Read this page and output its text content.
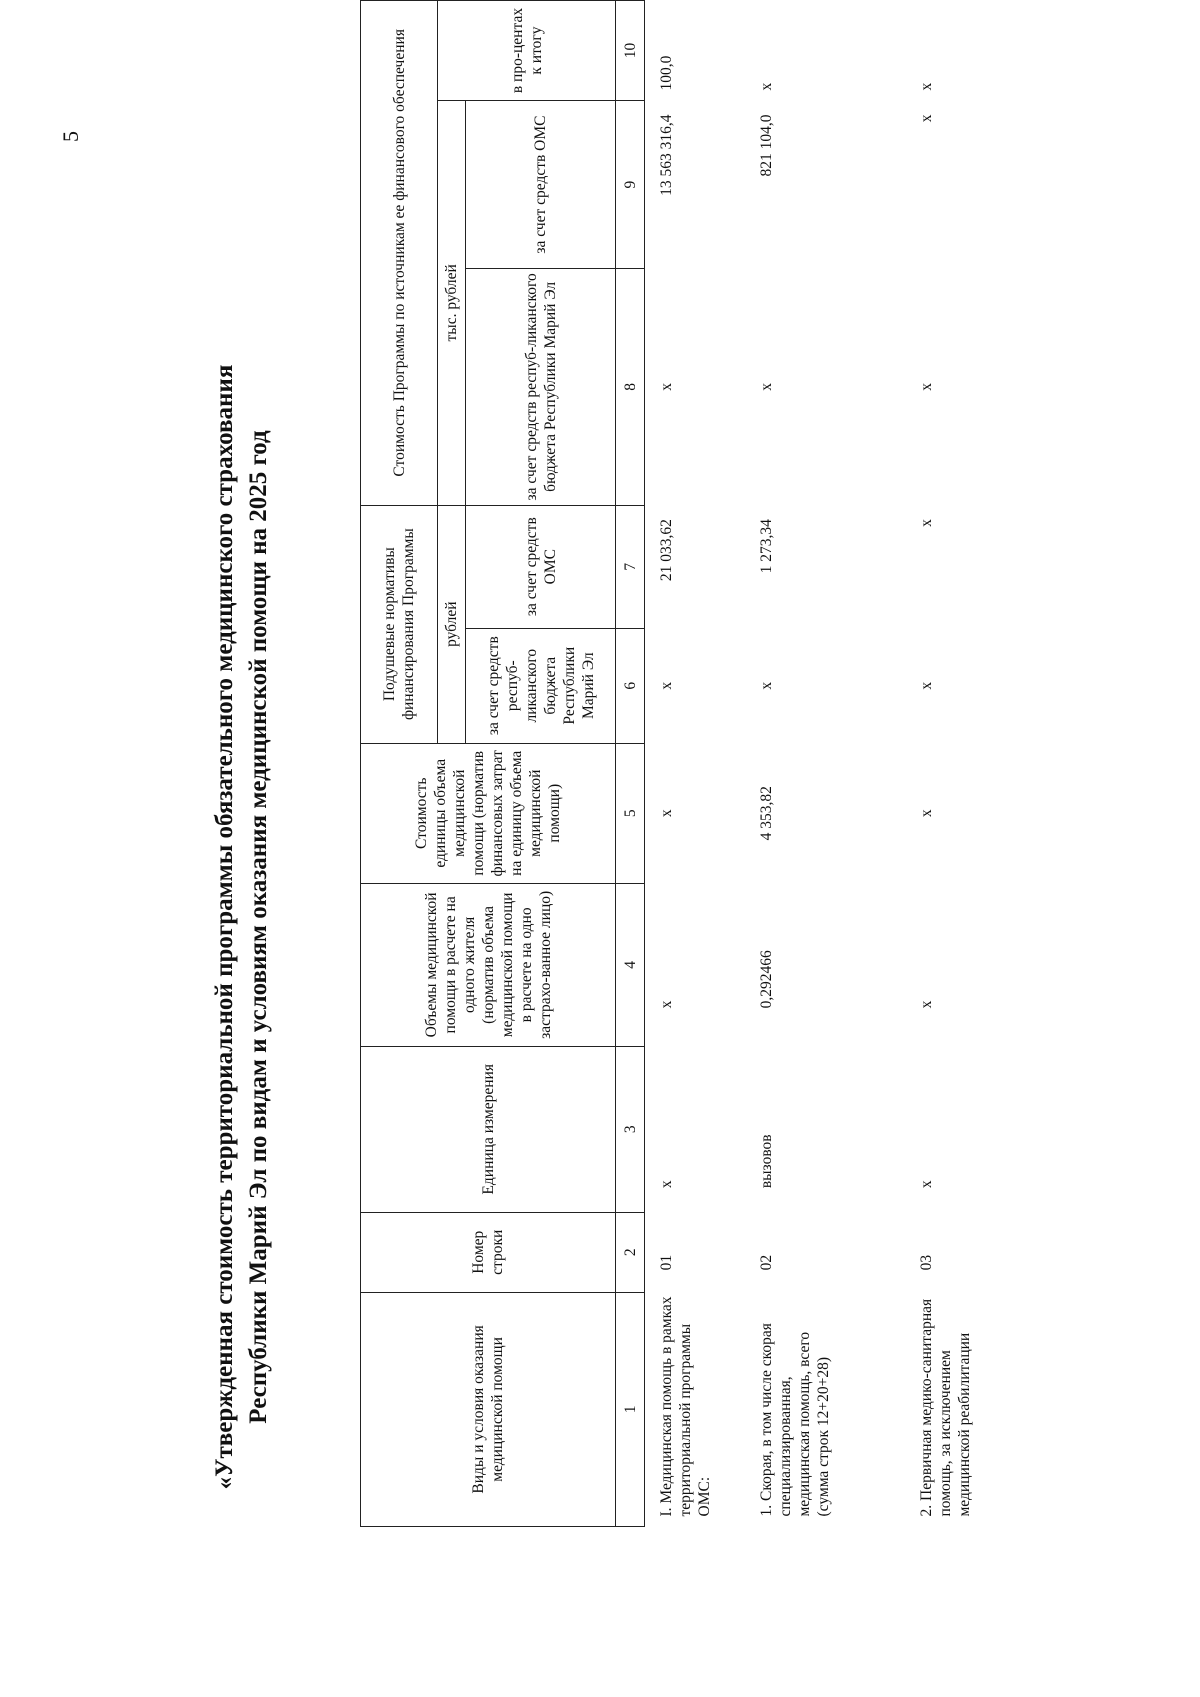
5
«Утвержденная стоимость территориальной программы обязательного медицинского страхования Республики Марий Эл по видам и условиям оказания медицинской помощи на 2025 год	Виды и условия оказания медицинской помощи	Номер строки	Единица измерения	Объемы медицинской помощи в расчете на одного жителя (норматив объема медицинской помощи в расчете на одно застрахо-ванное лицо)	Стоимость единицы объема медицинской помощи (норматив финансовых затрат на единицу объема медицинской помощи)	Подушевые нормативы финансирования Программы		Стоимость Программы по источникам ее финансового обеспечения		
					рублей		тыс. рублей		в про-центах к итогу
					за счет средств респуб-ликанского бюджета Республики Марий Эл	за счет средств ОМС	за счет средств респуб-ликанского бюджета Республики Марий Эл	за счет средств ОМС	
1	2	3	4	5	6	7	8	9	10
I. Медицинская помощь в рамках территориальной программы ОМС:	01	х	х	х	х	21 033,62	х	13 563 316,4	100,0
1. Скорая, в том числе скорая специализированная, медицинская помощь, всего (сумма строк 12+20+28)	02	вызовов	0,292466	4 353,82	х	1 273,34	х	821 104,0	х
2. Первичная медико-санитарная помощь, за исключением медицинской реабилитации	03	х	х	х	х	х	х	х	х
